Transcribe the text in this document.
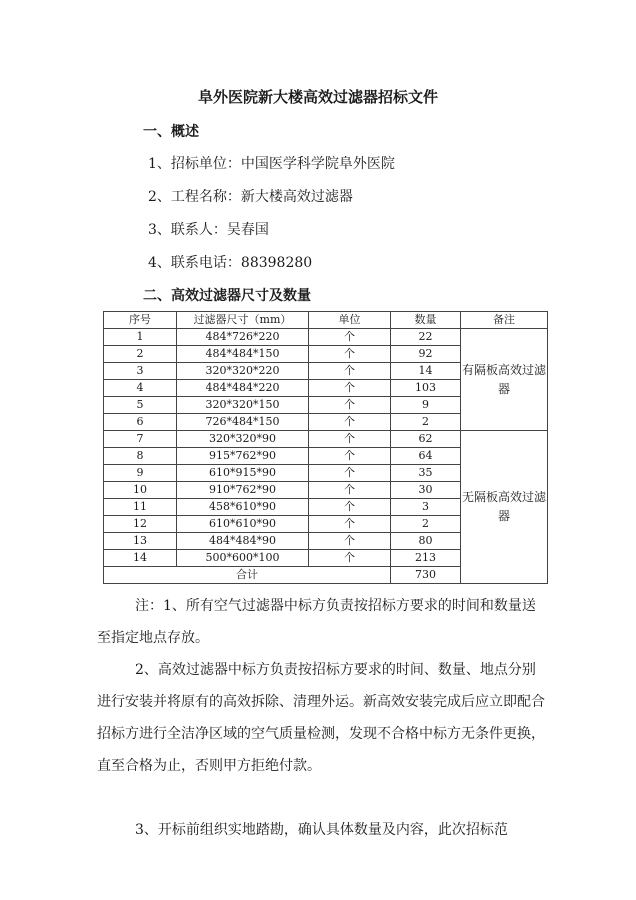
阜外医院新大楼高效过滤器招标文件
一、概述
1、招标单位：中国医学科学院阜外医院
2、工程名称：新大楼高效过滤器
3、联系人：吴春国
4、联系电话：88398280
二、高效过滤器尺寸及数量
序号	过滤器尺寸（mm）	单位	数量	备注
1	484*726*220	个	22	有隔板高效过滤器
2	484*484*150	个	92	
3	320*320*220	个	14	
4	484*484*220	个	103	
5	320*320*150	个	9	
6	726*484*150	个	2	
7	320*320*90	个	62	无隔板高效过滤器
8	915*762*90	个	64	
9	610*915*90	个	35	
10	910*762*90	个	30	
11	458*610*90	个	3	
12	610*610*90	个	2	
13	484*484*90	个	80	
14	500*600*100	个	213	
合计			730	
注：1、所有空气过滤器中标方负责按招标方要求的时间和数量送至指定地点存放。
2、高效过滤器中标方负责按招标方要求的时间、数量、地点分别进行安装并将原有的高效拆除、清理外运。新高效安装完成后应立即配合招标方进行全洁净区域的空气质量检测，发现不合格中标方无条件更换，直至合格为止，否则甲方拒绝付款。
3、开标前组织实地踏勘，确认具体数量及内容，此次招标范
